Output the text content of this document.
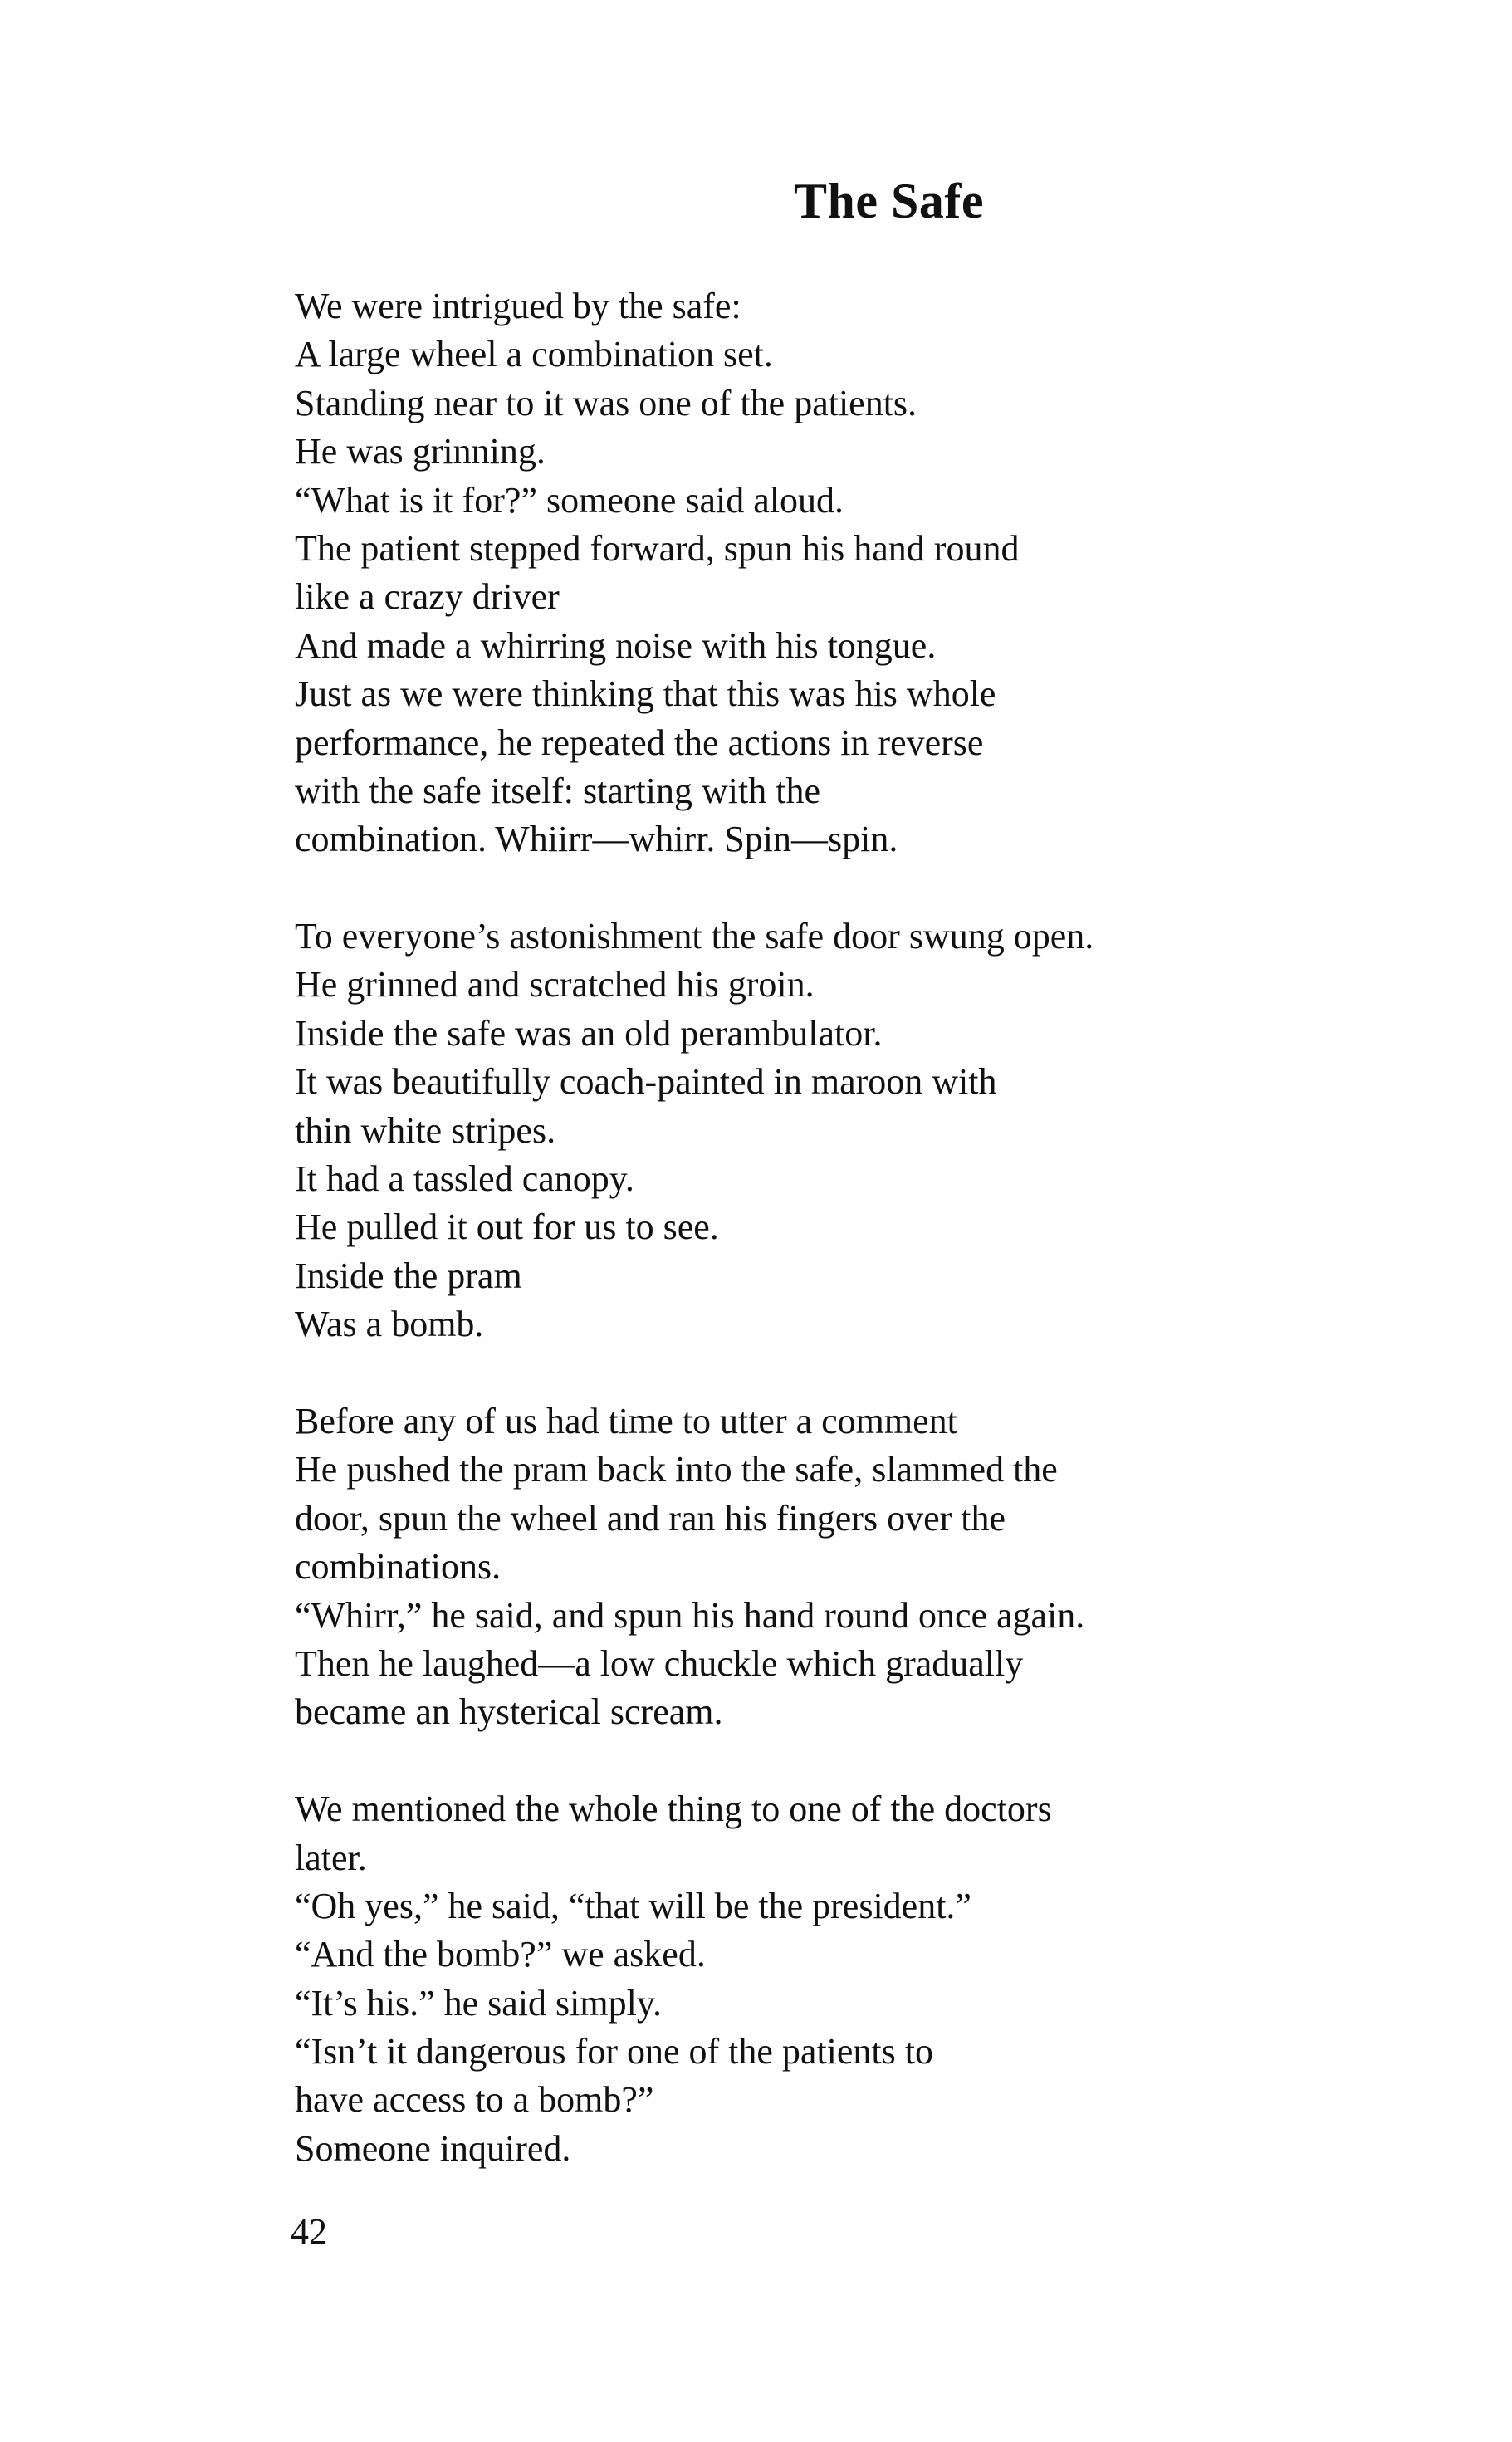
The Safe
We were intrigued by the safe:
A large wheel a combination set.
Standing near to it was one of the patients.
He was grinning.
“What is it for?” someone said aloud.
The patient stepped forward, spun his hand round
like a crazy driver
And made a whirring noise with his tongue.
Just as we were thinking that this was his whole
performance, he repeated the actions in reverse
with the safe itself: starting with the
combination. Whiirr—whirr. Spin—spin.
To everyone’s astonishment the safe door swung open.
He grinned and scratched his groin.
Inside the safe was an old perambulator.
It was beautifully coach-painted in maroon with
thin white stripes.
It had a tassled canopy.
He pulled it out for us to see.
Inside the pram
Was a bomb.
Before any of us had time to utter a comment
He pushed the pram back into the safe, slammed the
door, spun the wheel and ran his fingers over the
combinations.
“Whirr,” he said, and spun his hand round once again.
Then he laughed—a low chuckle which gradually
became an hysterical scream.
We mentioned the whole thing to one of the doctors
later.
“Oh yes,” he said, “that will be the president.”
“And the bomb?” we asked.
“It’s his.” he said simply.
“Isn’t it dangerous for one of the patients to
have access to a bomb?”
Someone inquired.
42
